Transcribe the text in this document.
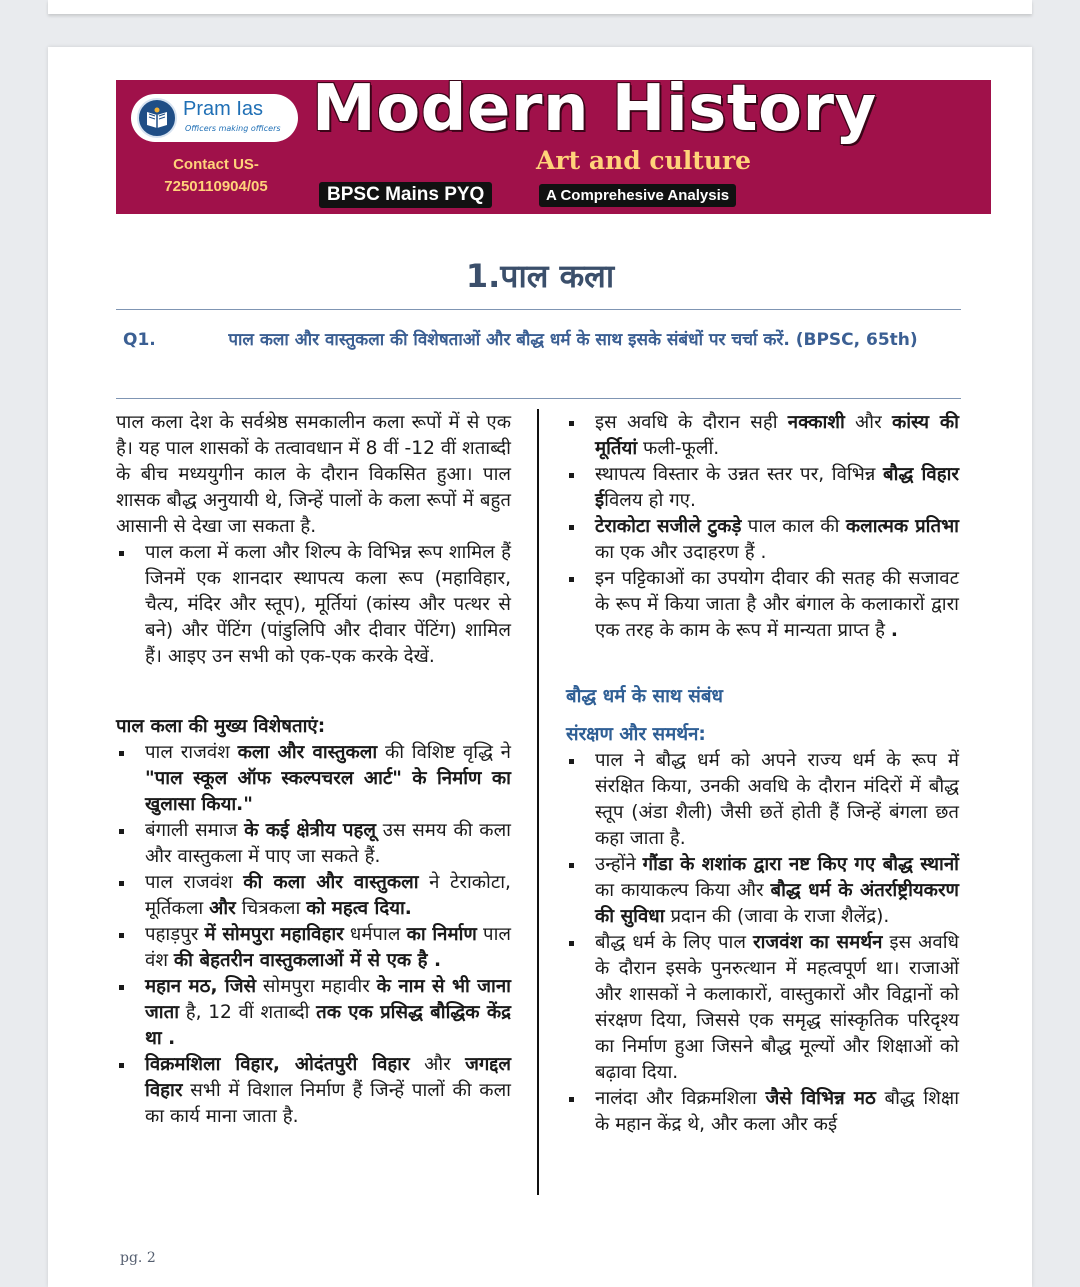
Pram Ias
Officers making officers
Contact US-
7250110904/05
Modern History
Art and culture
BPSC Mains PYQ	A Comprehesive Analysis
1.पाल कला
Q1.	पाल कला और वास्तुकला की विशेषताओं और बौद्ध धर्म के साथ इसके संबंधों पर चर्चा करें. (BPSC, 65th)

पाल कला देश के सर्वश्रेष्ठ समकालीन कला रूपों में से एक है। यह पाल शासकों के तत्वावधान में 8 वीं -12 वीं शताब्दी के बीच मध्ययुगीन काल के दौरान विकसित हुआ। पाल शासक बौद्ध अनुयायी थे, जिन्हें पालों के कला रूपों में बहुत आसानी से देखा जा सकता है.

पाल कला में कला और शिल्प के विभिन्न रूप शामिल हैं जिनमें एक शानदार स्थापत्य कला रूप (महाविहार, चैत्य, मंदिर और स्तूप), मूर्तियां (कांस्य और पत्थर से बने) और पेंटिंग (पांडुलिपि और दीवार पेंटिंग) शामिल हैं। आइए उन सभी को एक-एक करके देखें.
पाल कला की मुख्य विशेषताएं:
पाल राजवंश कला और वास्तुकला की विशिष्ट वृद्धि ने "पाल स्कूल ऑफ स्कल्पचरल आर्ट" के निर्माण का खुलासा किया."
बंगाली समाज के कई क्षेत्रीय पहलू उस समय की कला और वास्तुकला में पाए जा सकते हैं.
पाल राजवंश की कला और वास्तुकला ने टेराकोटा, मूर्तिकला और चित्रकला को महत्व दिया.
पहाड़पुर में सोमपुरा महाविहार धर्मपाल का निर्माण पाल वंश की बेहतरीन वास्तुकलाओं में से एक है .
महान मठ, जिसे सोमपुरा महावीर के नाम से भी जाना जाता है, 12 वीं शताब्दी तक एक प्रसिद्ध बौद्धिक केंद्र था .
विक्रमशिला विहार, ओदंतपुरी विहार और जगद्दल विहार सभी में विशाल निर्माण हैं जिन्हें पालों की कला का कार्य माना जाता है.
इस अवधि के दौरान सही नक्काशी और कांस्य की मूर्तियां फली-फूलीं.
स्थापत्य विस्तार के उन्नत स्तर पर, विभिन्न बौद्ध विहार ईविलय हो गए.
टेराकोटा सजीले टुकड़े पाल काल की कलात्मक प्रतिभा का एक और उदाहरण हैं .
इन पट्टिकाओं का उपयोग दीवार की सतह की सजावट के रूप में किया जाता है और बंगाल के कलाकारों द्वारा एक तरह के काम के रूप में मान्यता प्राप्त है .
बौद्ध धर्म के साथ संबंध
संरक्षण और समर्थन:
पाल ने बौद्ध धर्म को अपने राज्य धर्म के रूप में संरक्षित किया, उनकी अवधि के दौरान मंदिरों में बौद्ध स्तूप (अंडा शैली) जैसी छतें होती हैं जिन्हें बंगला छत कहा जाता है.
उन्होंने गौंडा के शशांक द्वारा नष्ट किए गए बौद्ध स्थानों का कायाकल्प किया और बौद्ध धर्म के अंतर्राष्ट्रीयकरण की सुविधा प्रदान की (जावा के राजा शैलेंद्र).
बौद्ध धर्म के लिए पाल राजवंश का समर्थन इस अवधि के दौरान इसके पुनरुत्थान में महत्वपूर्ण था। राजाओं और शासकों ने कलाकारों, वास्तुकारों और विद्वानों को संरक्षण दिया, जिससे एक समृद्ध सांस्कृतिक परिदृश्य का निर्माण हुआ जिसने बौद्ध मूल्यों और शिक्षाओं को बढ़ावा दिया.
नालंदा और विक्रमशिला जैसे विभिन्न मठ बौद्ध शिक्षा के महान केंद्र थे, और कला और कई
pg. 2
